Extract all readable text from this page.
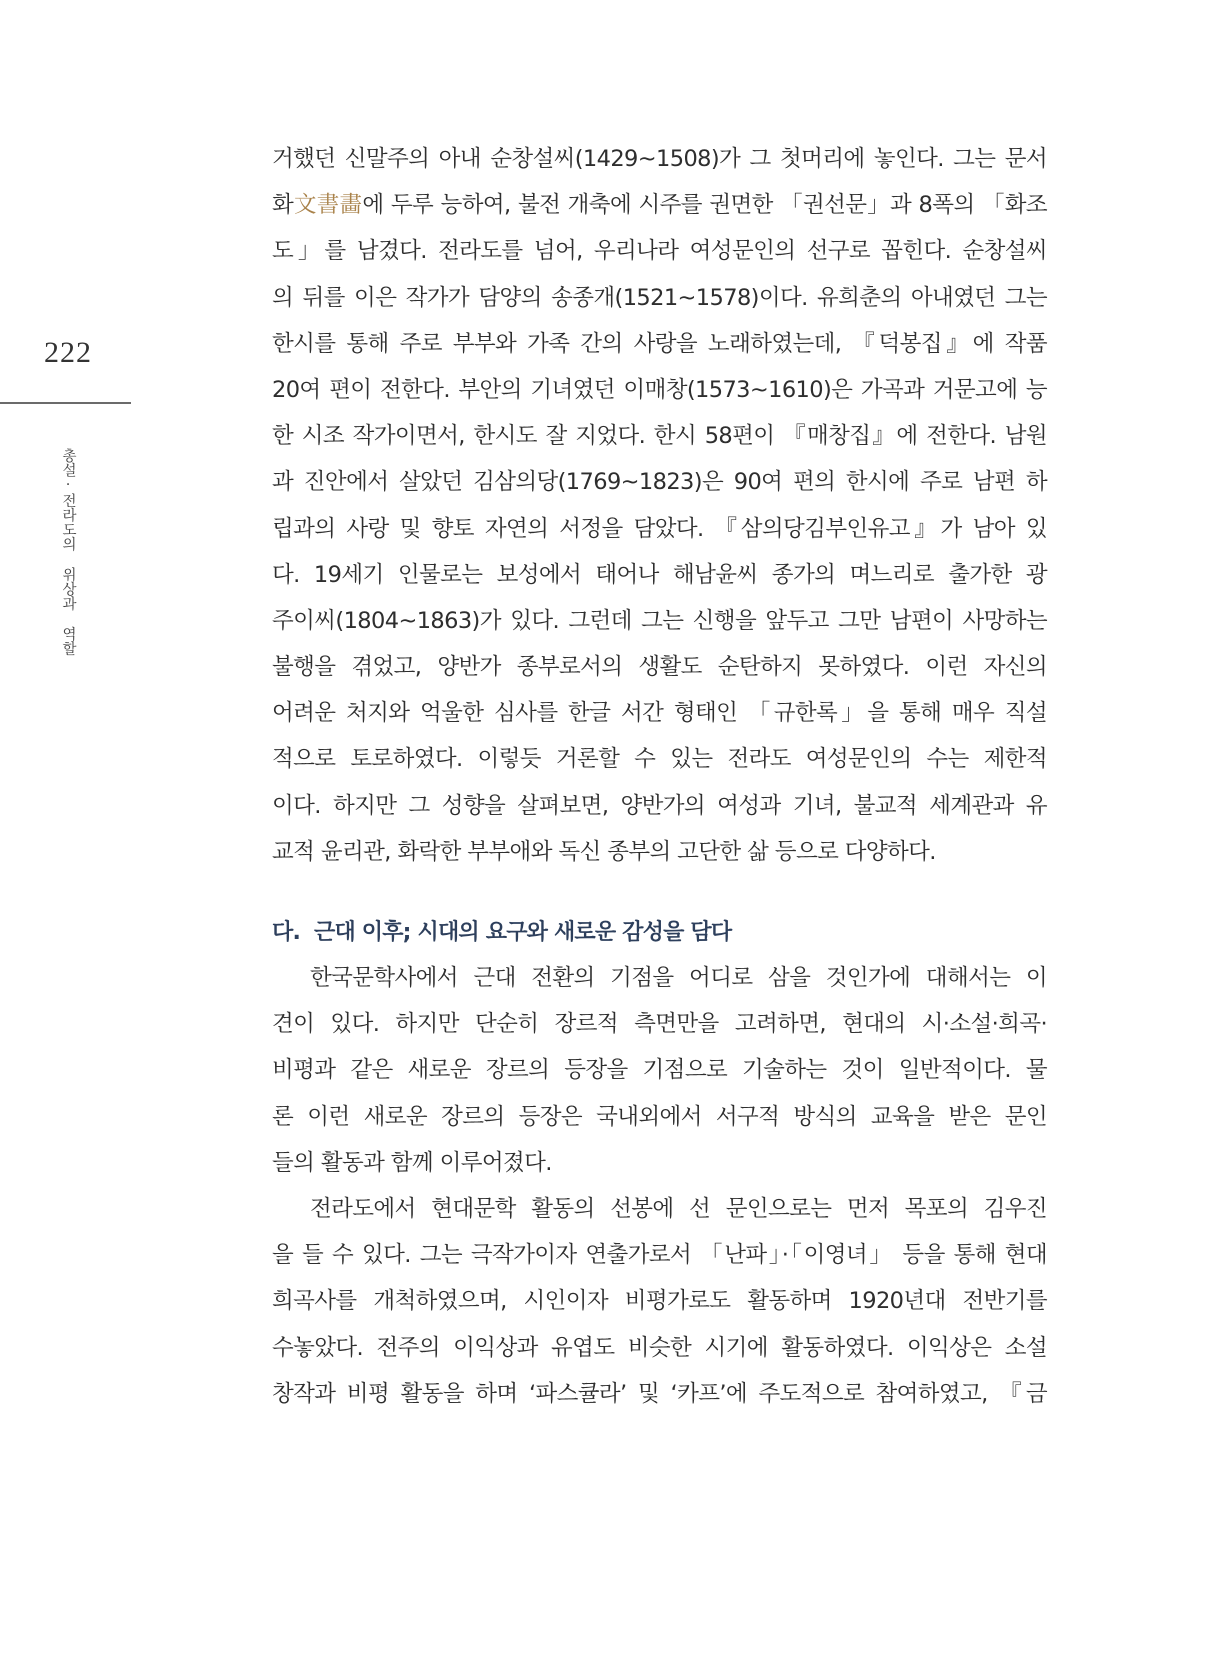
222
총설·전라도의 위상과 역할
거했던 신말주의 아내 순창설씨(1429~1508)가 그 첫머리에 놓인다. 그는 문서
화文書畵에 두루 능하여, 불전 개축에 시주를 권면한 「권선문」과 8폭의 「화조
도」를 남겼다. 전라도를 넘어, 우리나라 여성문인의 선구로 꼽힌다. 순창설씨
의 뒤를 이은 작가가 담양의 송종개(1521~1578)이다. 유희춘의 아내였던 그는
한시를 통해 주로 부부와 가족 간의 사랑을 노래하였는데, 『덕봉집』에 작품
20여 편이 전한다. 부안의 기녀였던 이매창(1573~1610)은 가곡과 거문고에 능
한 시조 작가이면서, 한시도 잘 지었다. 한시 58편이 『매창집』에 전한다. 남원
과 진안에서 살았던 김삼의당(1769~1823)은 90여 편의 한시에 주로 남편 하
립과의 사랑 및 향토 자연의 서정을 담았다. 『삼의당김부인유고』가 남아 있
다. 19세기 인물로는 보성에서 태어나 해남윤씨 종가의 며느리로 출가한 광
주이씨(1804~1863)가 있다. 그런데 그는 신행을 앞두고 그만 남편이 사망하는
불행을 겪었고, 양반가 종부로서의 생활도 순탄하지 못하였다. 이런 자신의
어려운 처지와 억울한 심사를 한글 서간 형태인 「규한록」을 통해 매우 직설
적으로 토로하였다. 이렇듯 거론할 수 있는 전라도 여성문인의 수는 제한적
이다. 하지만 그 성향을 살펴보면, 양반가의 여성과 기녀, 불교적 세계관과 유
교적 윤리관, 화락한 부부애와 독신 종부의 고단한 삶 등으로 다양하다.
다. 근대 이후; 시대의 요구와 새로운 감성을 담다
한국문학사에서 근대 전환의 기점을 어디로 삼을 것인가에 대해서는 이
견이 있다. 하지만 단순히 장르적 측면만을 고려하면, 현대의 시·소설·희곡·
비평과 같은 새로운 장르의 등장을 기점으로 기술하는 것이 일반적이다. 물
론 이런 새로운 장르의 등장은 국내외에서 서구적 방식의 교육을 받은 문인
들의 활동과 함께 이루어졌다.
전라도에서 현대문학 활동의 선봉에 선 문인으로는 먼저 목포의 김우진
을 들 수 있다. 그는 극작가이자 연출가로서 「난파」·「이영녀」 등을 통해 현대
희곡사를 개척하였으며, 시인이자 비평가로도 활동하며 1920년대 전반기를
수놓았다. 전주의 이익상과 유엽도 비슷한 시기에 활동하였다. 이익상은 소설
창작과 비평 활동을 하며 ‘파스큘라’ 및 ‘카프’에 주도적으로 참여하였고, 『금
